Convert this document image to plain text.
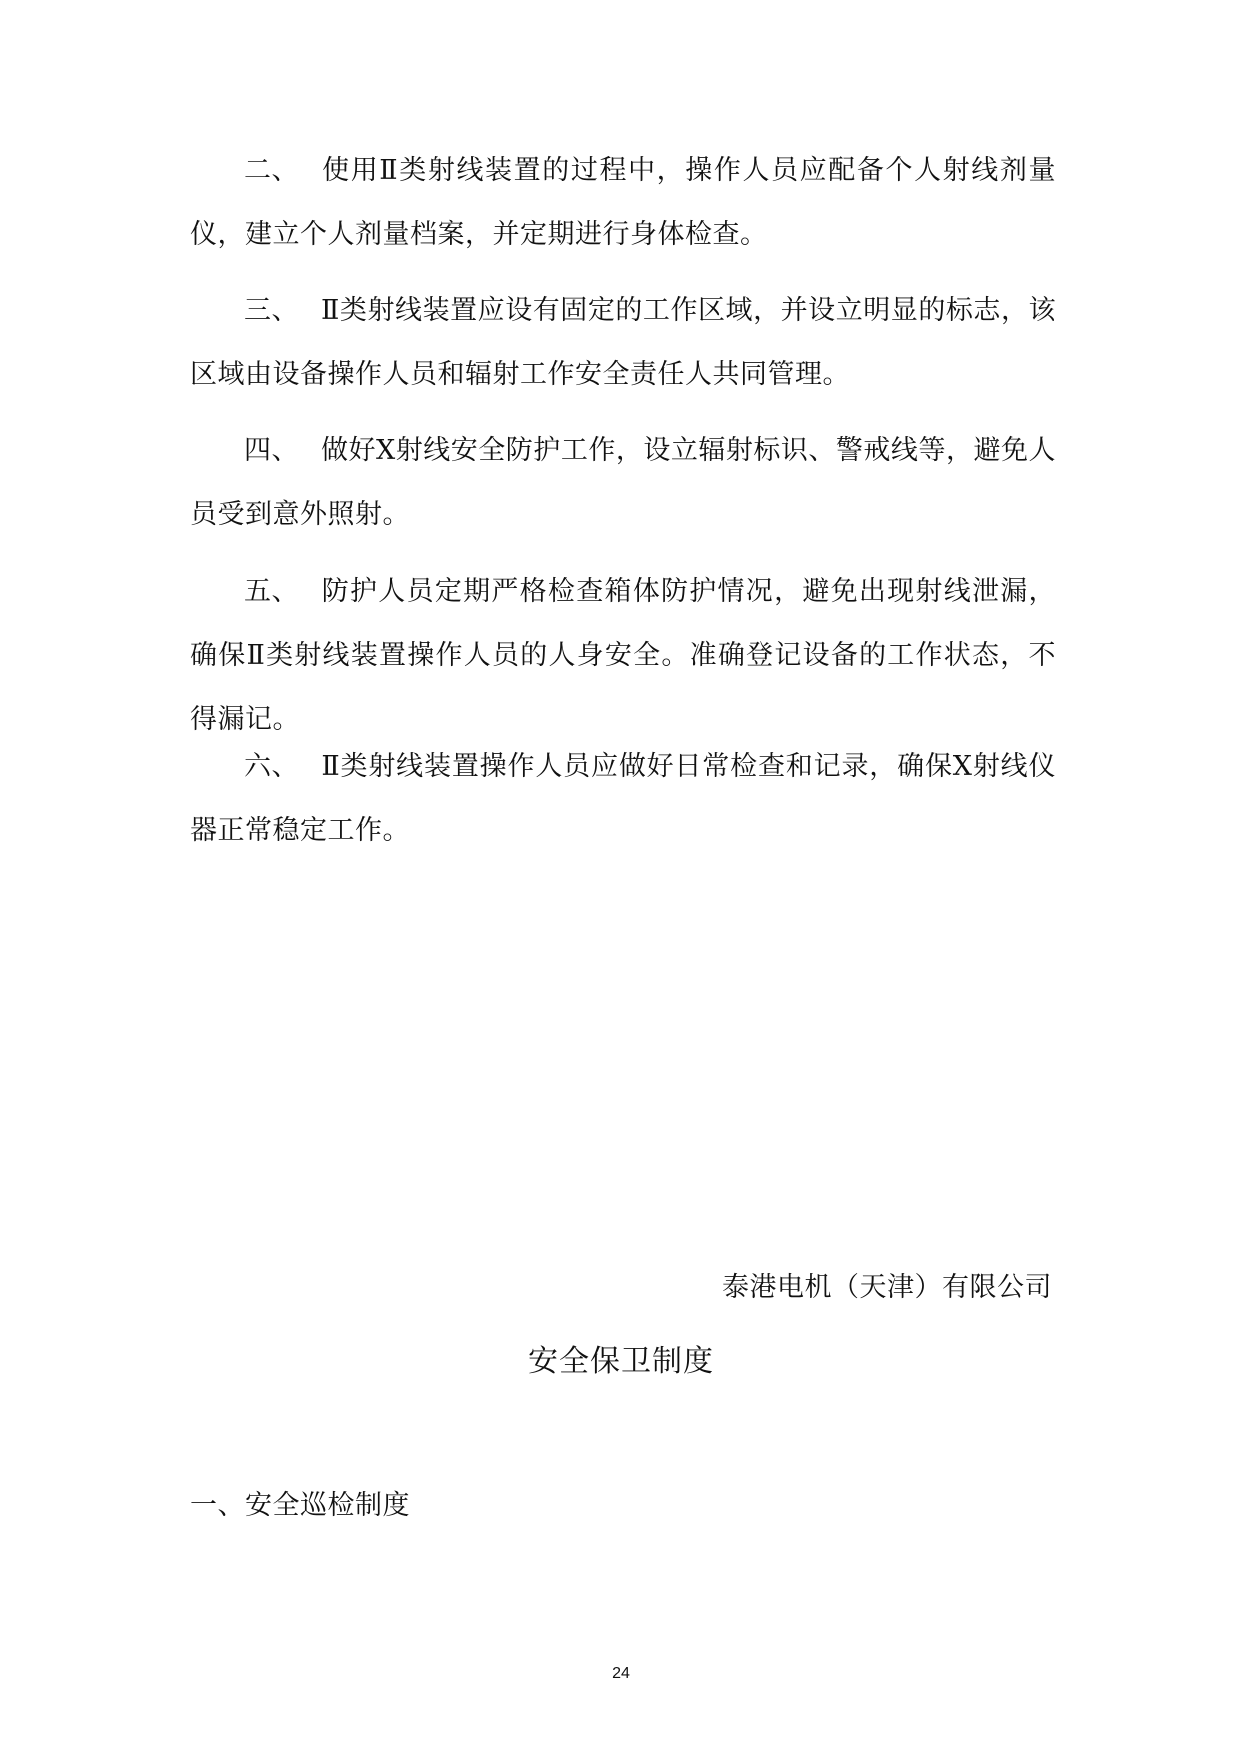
二、 使用Ⅱ类射线装置的过程中，操作人员应配备个人射线剂量仪，建立个人剂量档案，并定期进行身体检查。

三、 Ⅱ类射线装置应设有固定的工作区域，并设立明显的标志，该区域由设备操作人员和辐射工作安全责任人共同管理。

四、 做好X射线安全防护工作，设立辐射标识、警戒线等，避免人员受到意外照射。

五、 防护人员定期严格检查箱体防护情况，避免出现射线泄漏，确保Ⅱ类射线装置操作人员的人身安全。准确登记设备的工作状态，不得漏记。

六、 Ⅱ类射线装置操作人员应做好日常检查和记录，确保X射线仪器正常稳定工作。

泰港电机（天津）有限公司
安全保卫制度
一、安全巡检制度
24
